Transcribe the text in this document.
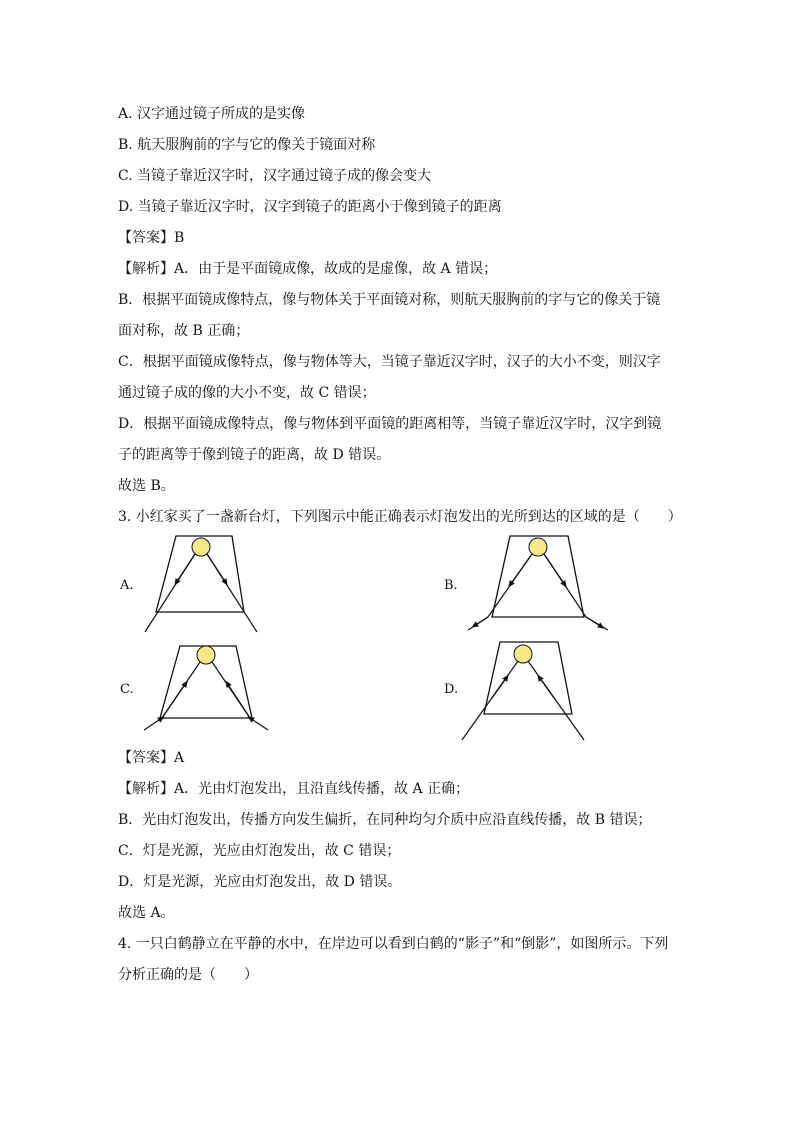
A. 汉字通过镜子所成的是实像
B. 航天服胸前的字与它的像关于镜面对称
C. 当镜子靠近汉字时，汉字通过镜子成的像会变大
D. 当镜子靠近汉字时，汉字到镜子的距离小于像到镜子的距离
【答案】B
【解析】A．由于是平面镜成像，故成的是虚像，故 A 错误；
B．根据平面镜成像特点，像与物体关于平面镜对称，则航天服胸前的字与它的像关于镜
面对称，故 B 正确；
C．根据平面镜成像特点，像与物体等大，当镜子靠近汉字时，汉子的大小不变，则汉字
通过镜子成的像的大小不变，故 C 错误；
D．根据平面镜成像特点，像与物体到平面镜的距离相等，当镜子靠近汉字时，汉字到镜
子的距离等于像到镜子的距离，故 D 错误。
故选 B。
3. 小红家买了一盏新台灯，下列图示中能正确表示灯泡发出的光所到达的区域的是（　　）
A.	B.
C.	D.
【答案】A
【解析】A．光由灯泡发出，且沿直线传播，故 A 正确；
B．光由灯泡发出，传播方向发生偏折，在同种均匀介质中应沿直线传播，故 B 错误；
C．灯是光源，光应由灯泡发出，故 C 错误；
D．灯是光源，光应由灯泡发出，故 D 错误。
故选 A。
4. 一只白鹤静立在平静的水中，在岸边可以看到白鹤的“影子”和“倒影”，如图所示。下列
分析正确的是（　　）
